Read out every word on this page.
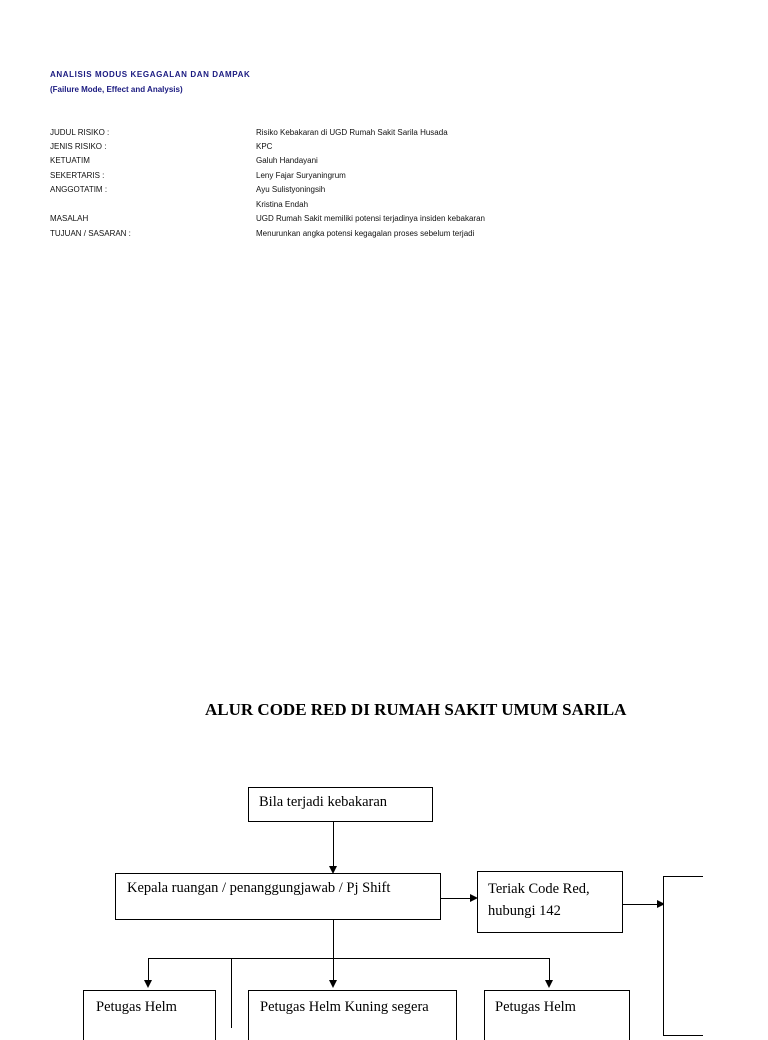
ANALISIS MODUS KEGAGALAN DAN DAMPAK
(Failure Mode, Effect and Analysis)
JUDUL RISIKO :	Risiko Kebakaran di UGD Rumah Sakit Sarila Husada
JENIS RISIKO :	KPC
KETUATIM	Galuh Handayani
SEKERTARIS :	Leny Fajar Suryaningrum
ANGGOTATIM :	Ayu Sulistyoningsih
Kristina Endah
MASALAH	UGD Rumah Sakit memiliki potensi terjadinya insiden kebakaran
TUJUAN / SASARAN :	Menurunkan angka potensi kegagalan proses sebelum terjadi
ALUR CODE RED DI RUMAH SAKIT UMUM SARILA
Bila terjadi kebakaran
Kepala ruangan / penanggungjawab / Pj Shift	Teriak Code Red,
hubungi 142
Petugas Helm	Petugas Helm Kuning segera	Petugas Helm
